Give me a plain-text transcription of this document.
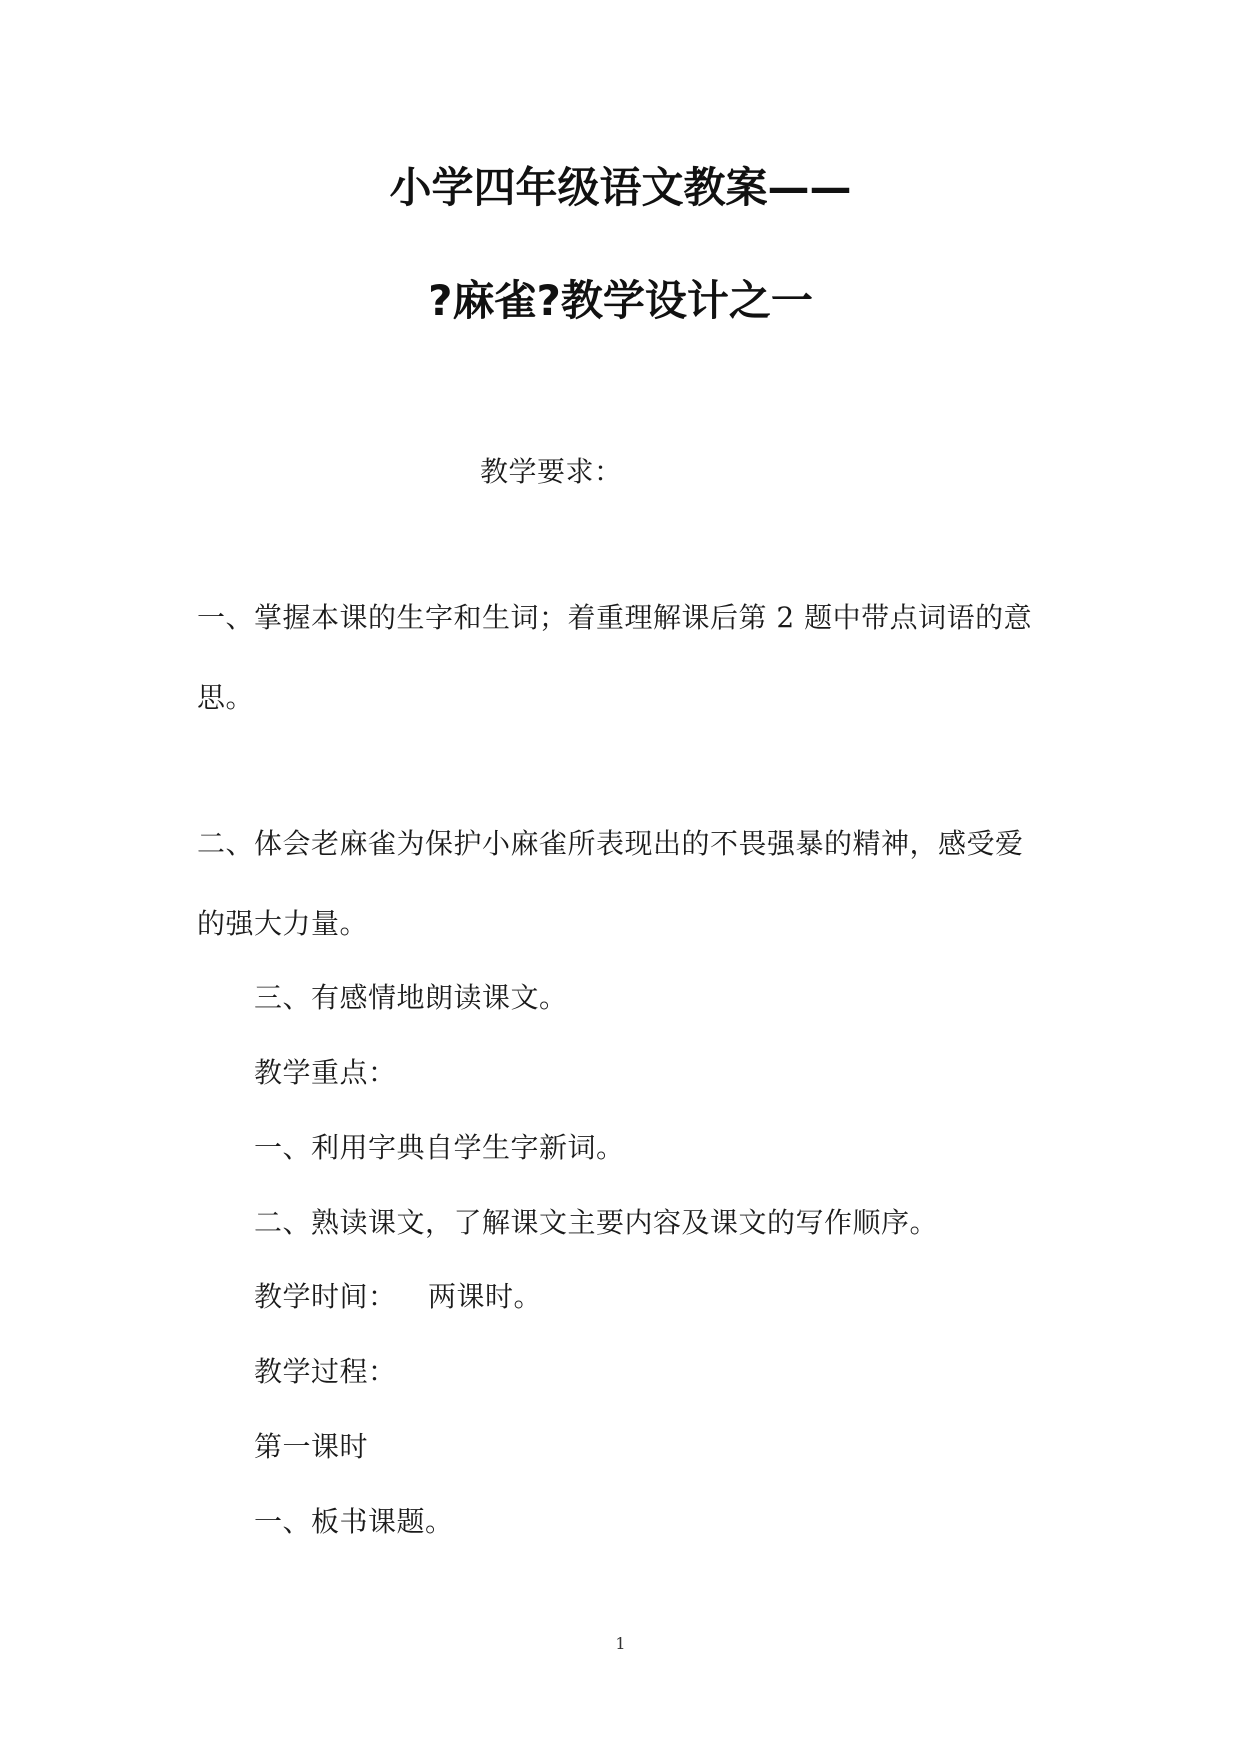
小学四年级语文教案——
?麻雀?教学设计之一
教学要求：
一、掌握本课的生字和生词；着重理解课后第 2 题中带点词语的意
思。
二、体会老麻雀为保护小麻雀所表现出的不畏强暴的精神，感受爱
的强大力量。
三、有感情地朗读课文。
教学重点：
一、利用字典自学生字新词。
二、熟读课文，了解课文主要内容及课文的写作顺序。
教学时间： 两课时。
教学过程：
第一课时
一、板书课题。
1
